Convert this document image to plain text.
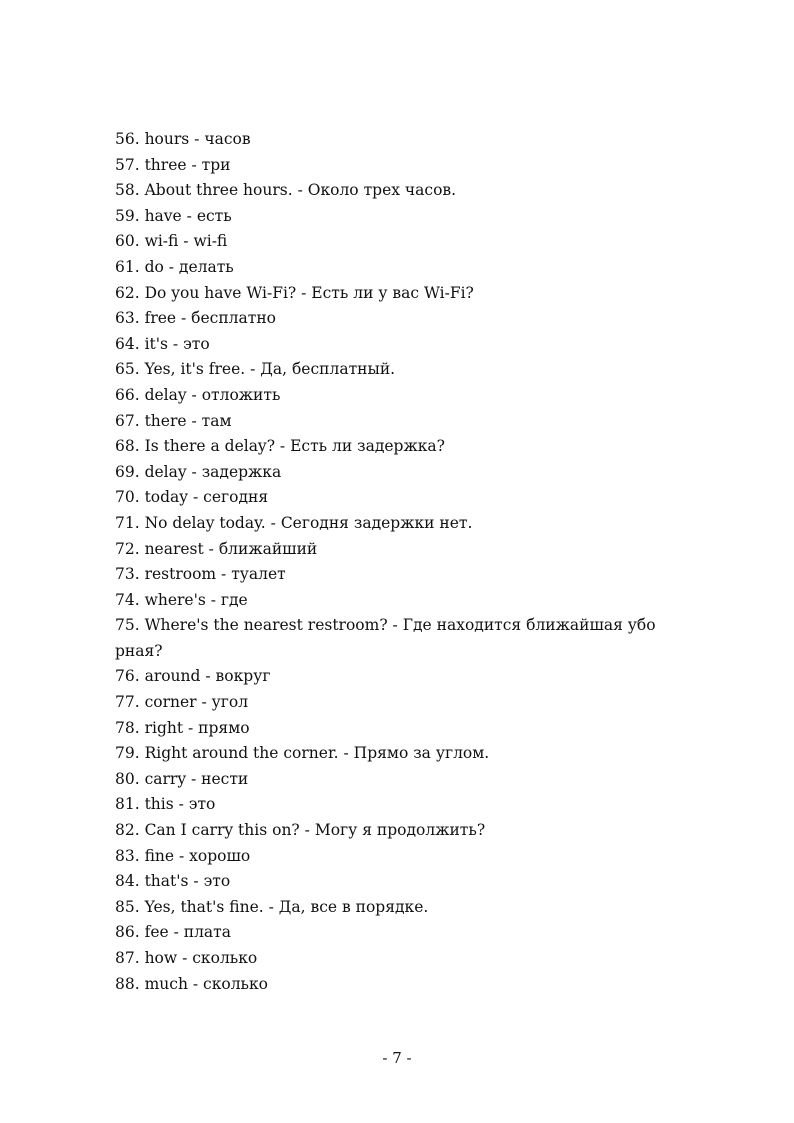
56. hours - часов
57. three - три
58. About three hours. - Около трех часов.
59. have - есть
60. wi-fi - wi-fi
61. do - делать
62. Do you have Wi-Fi? - Есть ли у вас Wi-Fi?
63. free - бесплатно
64. it's - это
65. Yes, it's free. - Да, бесплатный.
66. delay - отложить
67. there - там
68. Is there a delay? - Есть ли задержка?
69. delay - задержка
70. today - сегодня
71. No delay today. - Сегодня задержки нет.
72. nearest - ближайший
73. restroom - туалет
74. where's - где
75. Where's the nearest restroom? - Где находится ближайшая убо рная?
76. around - вокруг
77. corner - угол
78. right - прямо
79. Right around the corner. - Прямо за углом.
80. carry - нести
81. this - это
82. Can I carry this on? - Могу я продолжить?
83. fine - хорошо
84. that's - это
85. Yes, that's fine. - Да, все в порядке.
86. fee - плата
87. how - сколько
88. much - сколько
- 7 -
